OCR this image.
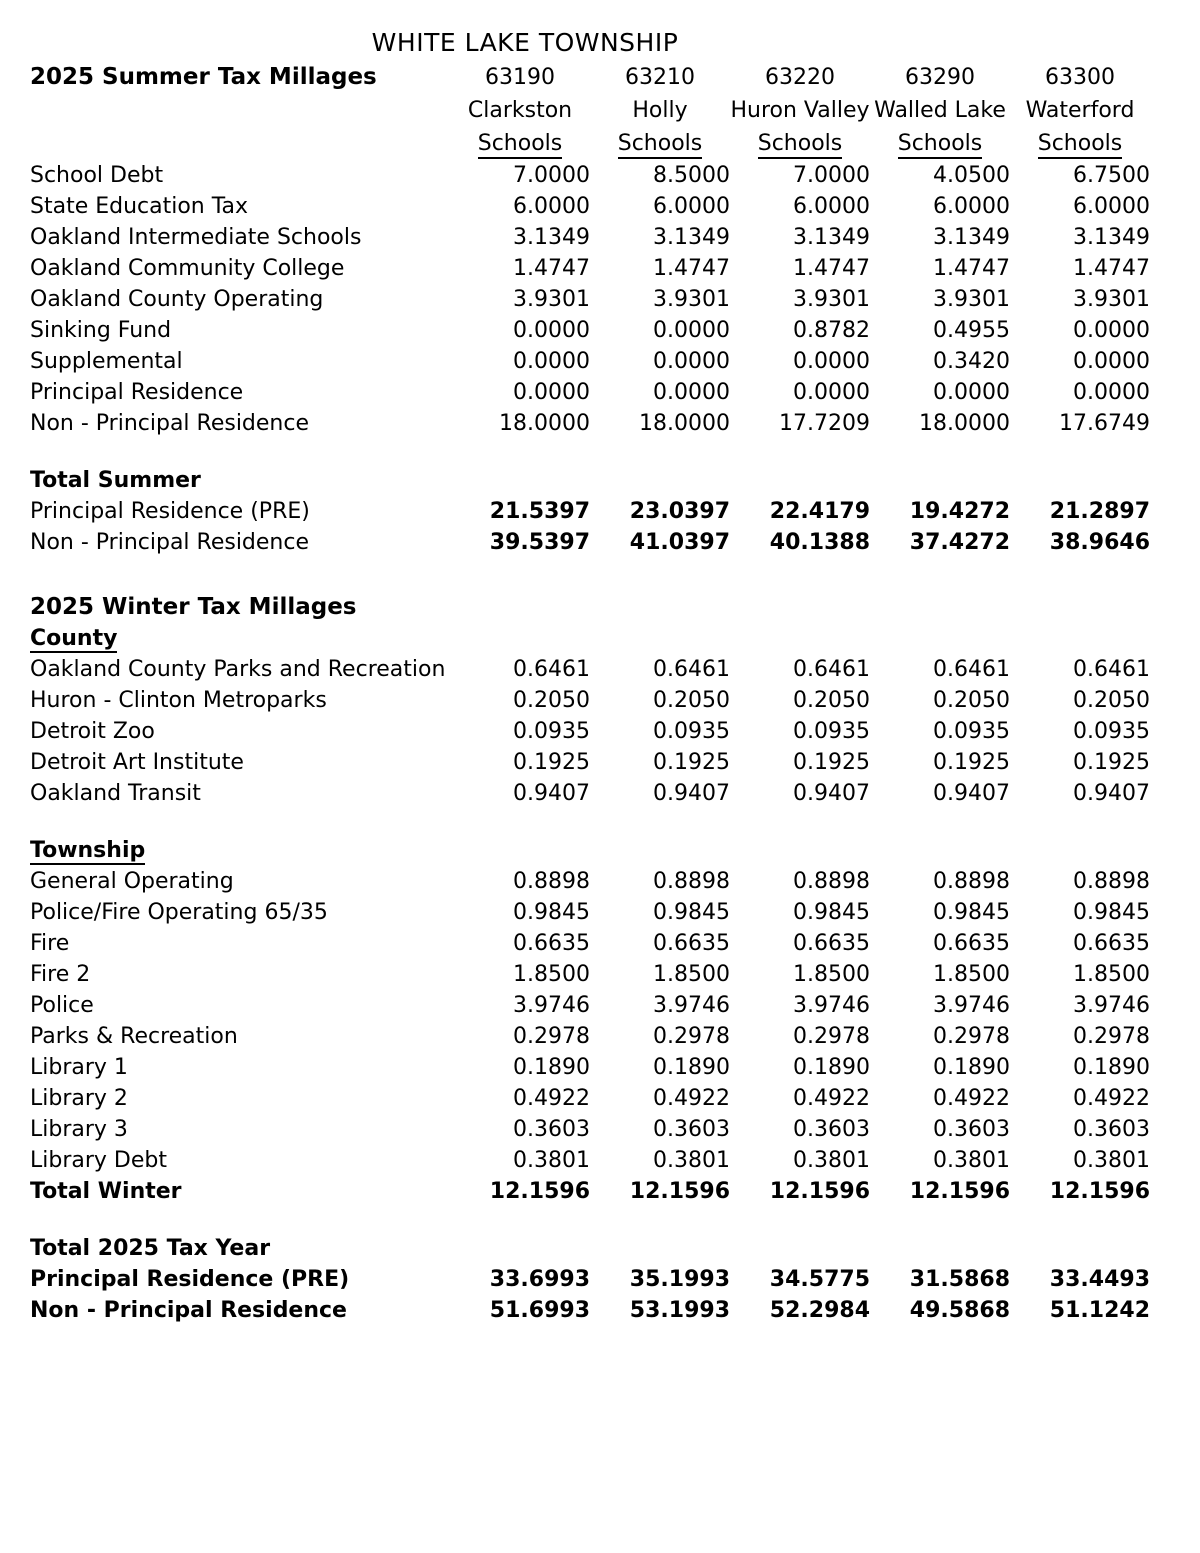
WHITE LAKE TOWNSHIP
2025 Summer Tax Millages	63190	63210	63220	63290	63300
	Clarkston	Holly	Huron Valley	Walled Lake	Waterford
	Schools	Schools	Schools	Schools	Schools
School Debt	7.0000	8.5000	7.0000	4.0500	6.7500
State Education Tax	6.0000	6.0000	6.0000	6.0000	6.0000
Oakland Intermediate Schools	3.1349	3.1349	3.1349	3.1349	3.1349
Oakland Community College	1.4747	1.4747	1.4747	1.4747	1.4747
Oakland County Operating	3.9301	3.9301	3.9301	3.9301	3.9301
Sinking Fund	0.0000	0.0000	0.8782	0.4955	0.0000
Supplemental	0.0000	0.0000	0.0000	0.3420	0.0000
Principal Residence	0.0000	0.0000	0.0000	0.0000	0.0000
Non - Principal Residence	18.0000	18.0000	17.7209	18.0000	17.6749

Total Summer					
Principal Residence (PRE)	21.5397	23.0397	22.4179	19.4272	21.2897
Non - Principal Residence	39.5397	41.0397	40.1388	37.4272	38.9646

2025 Winter Tax Millages					
County					
Oakland County Parks and Recreation	0.6461	0.6461	0.6461	0.6461	0.6461
Huron - Clinton Metroparks	0.2050	0.2050	0.2050	0.2050	0.2050
Detroit Zoo	0.0935	0.0935	0.0935	0.0935	0.0935
Detroit Art Institute	0.1925	0.1925	0.1925	0.1925	0.1925
Oakland Transit	0.9407	0.9407	0.9407	0.9407	0.9407

Township					
General Operating	0.8898	0.8898	0.8898	0.8898	0.8898
Police/Fire Operating 65/35	0.9845	0.9845	0.9845	0.9845	0.9845
Fire	0.6635	0.6635	0.6635	0.6635	0.6635
Fire 2	1.8500	1.8500	1.8500	1.8500	1.8500
Police	3.9746	3.9746	3.9746	3.9746	3.9746
Parks & Recreation	0.2978	0.2978	0.2978	0.2978	0.2978
Library 1	0.1890	0.1890	0.1890	0.1890	0.1890
Library 2	0.4922	0.4922	0.4922	0.4922	0.4922
Library 3	0.3603	0.3603	0.3603	0.3603	0.3603
Library Debt	0.3801	0.3801	0.3801	0.3801	0.3801
Total Winter	12.1596	12.1596	12.1596	12.1596	12.1596

Total 2025 Tax Year					
Principal Residence (PRE)	33.6993	35.1993	34.5775	31.5868	33.4493
Non - Principal Residence	51.6993	53.1993	52.2984	49.5868	51.1242
